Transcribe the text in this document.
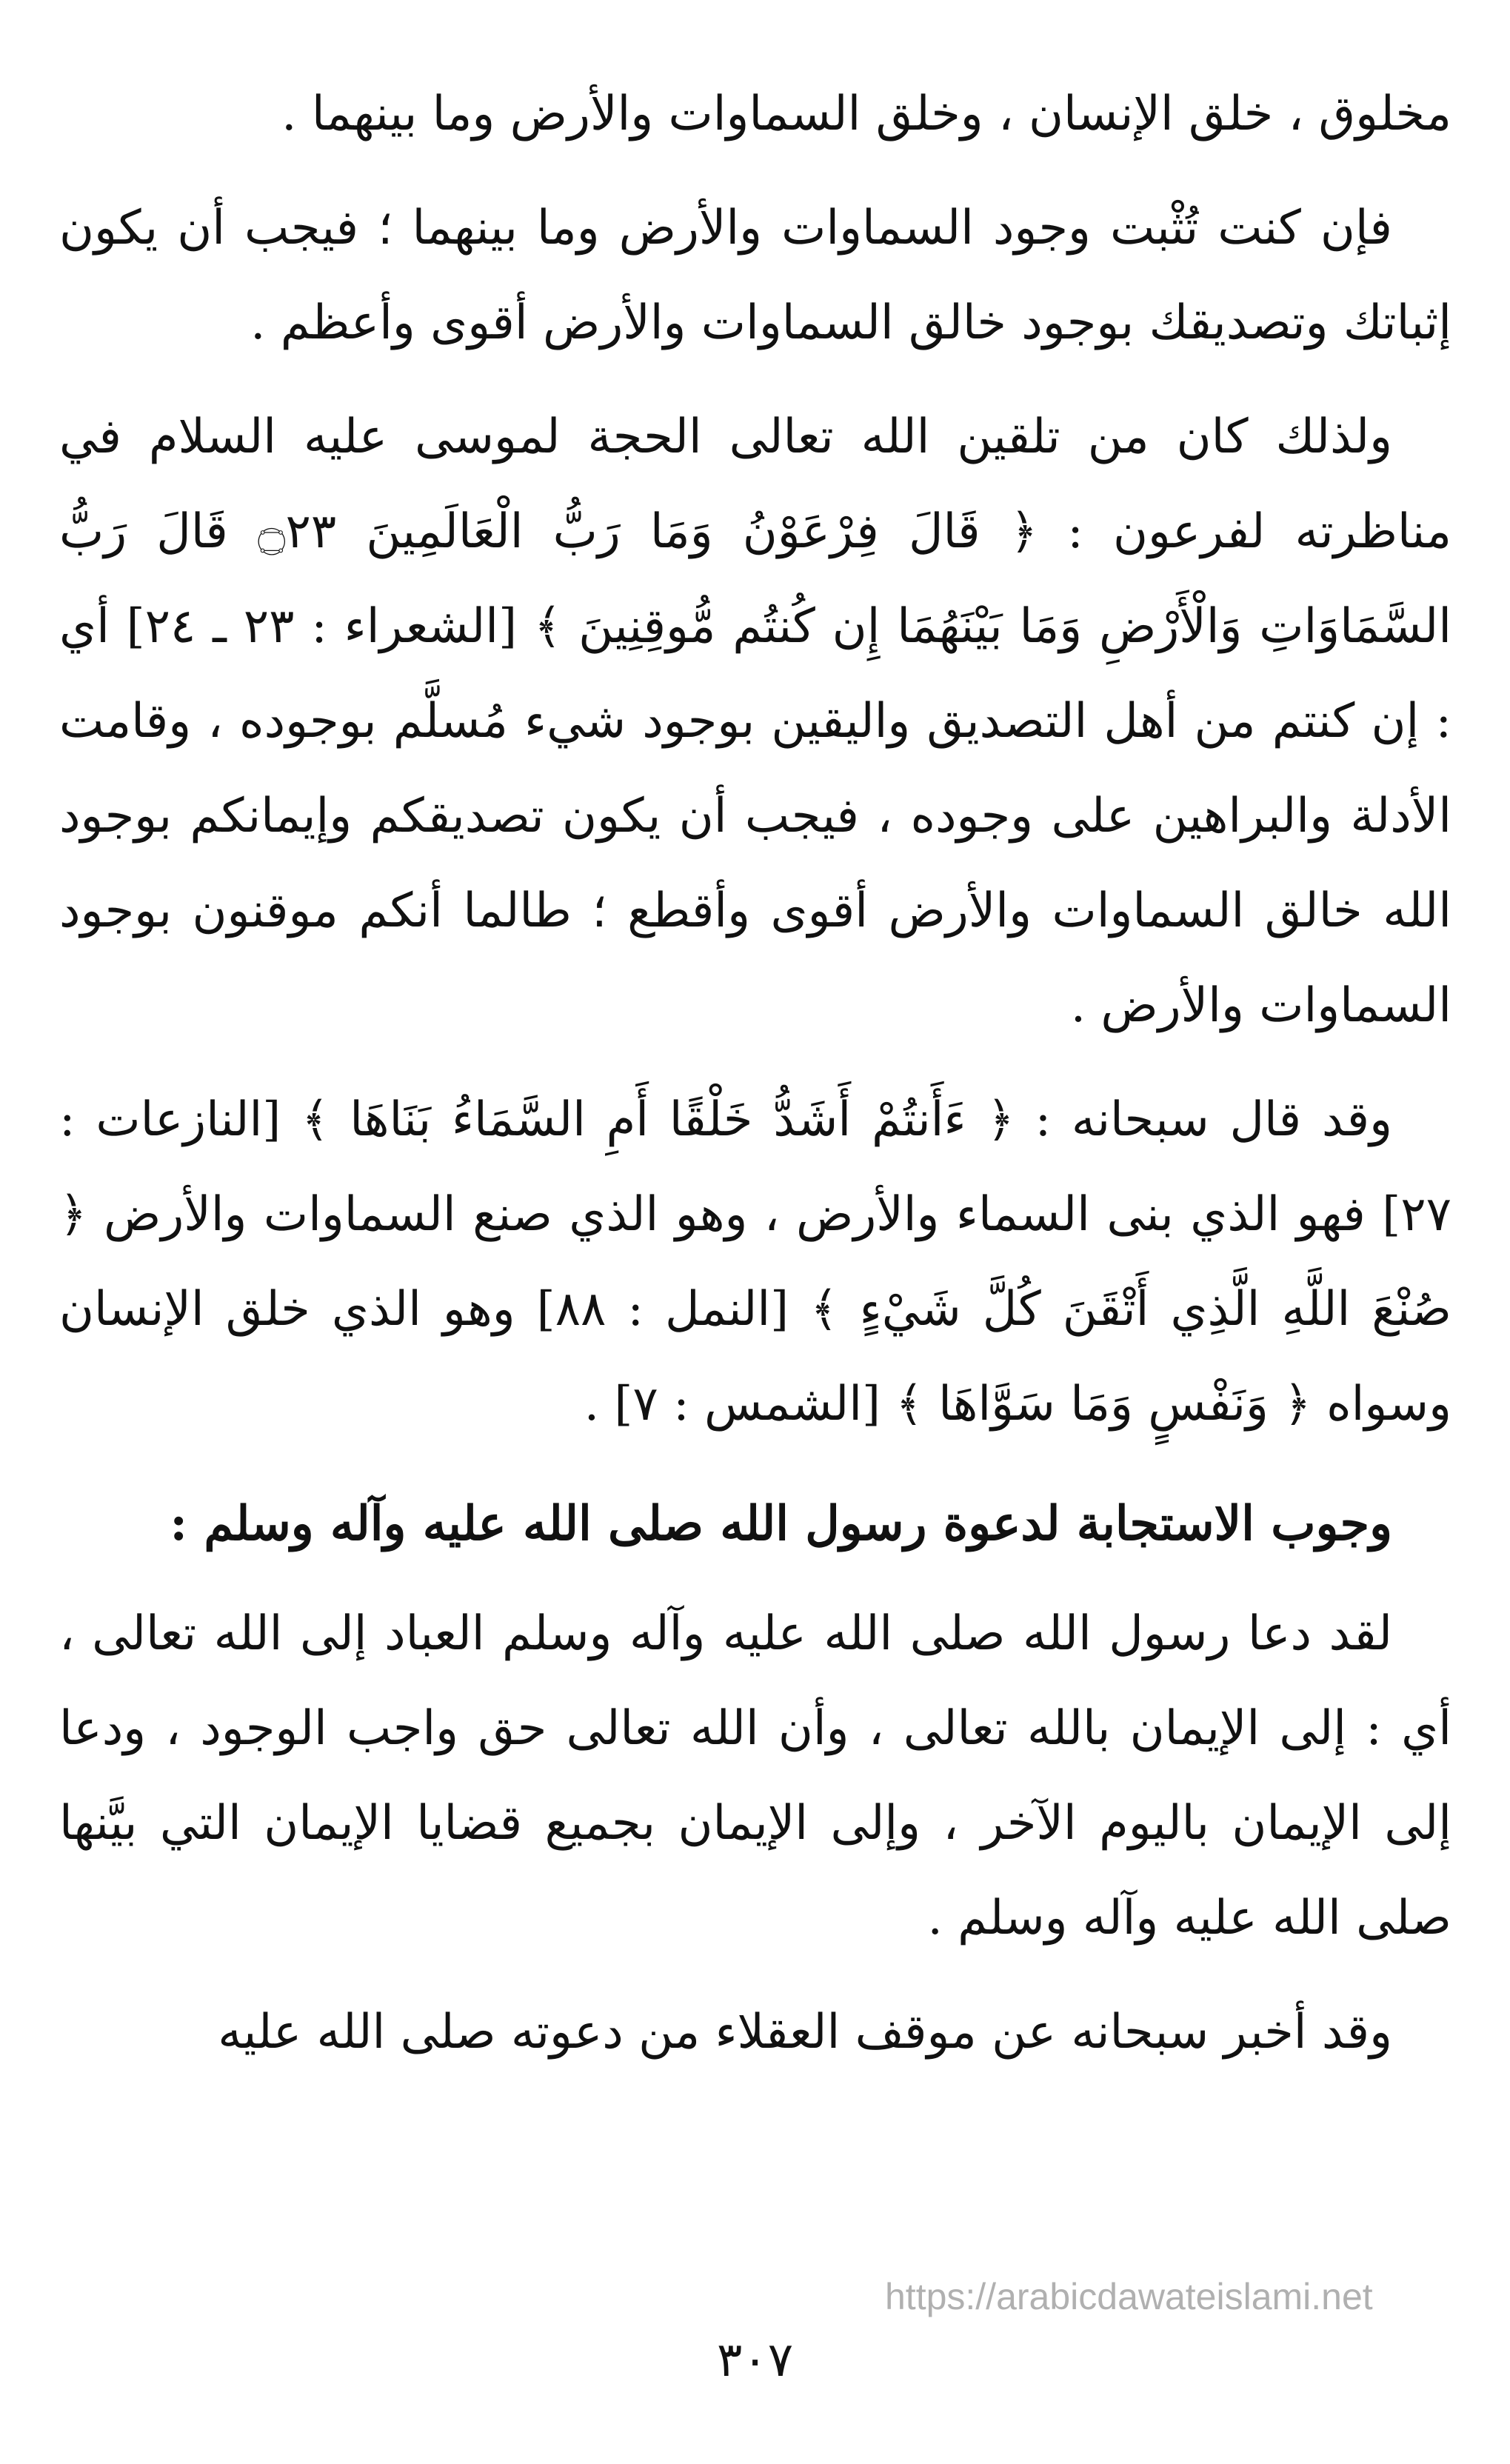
مخلوق ، خلق الإنسان ، وخلق السماوات والأرض وما بينهما .

فإن كنت تُثْبت وجود السماوات والأرض وما بينهما ؛ فيجب أن يكون إثباتك وتصديقك بوجود خالق السماوات والأرض أقوى وأعظم .

ولذلك كان من تلقين الله تعالى الحجة لموسى عليه السلام في مناظرته لفرعون : ﴿ قَالَ فِرْعَوْنُ وَمَا رَبُّ الْعَالَمِينَ ۝٢٣ قَالَ رَبُّ السَّمَاوَاتِ وَالْأَرْضِ وَمَا بَيْنَهُمَا إِن كُنتُم مُّوقِنِينَ ﴾ [الشعراء : ٢٣ ـ ٢٤] أي : إن كنتم من أهل التصديق واليقين بوجود شيء مُسلَّم بوجوده ، وقامت الأدلة والبراهين على وجوده ، فيجب أن يكون تصديقكم وإيمانكم بوجود الله خالق السماوات والأرض أقوى وأقطع ؛ طالما أنكم موقنون بوجود السماوات والأرض .

وقد قال سبحانه : ﴿ ءَأَنتُمْ أَشَدُّ خَلْقًا أَمِ السَّمَاءُ بَنَاهَا ﴾ [النازعات : ٢٧] فهو الذي بنى السماء والأرض ، وهو الذي صنع السماوات والأرض ﴿ صُنْعَ اللَّهِ الَّذِي أَتْقَنَ كُلَّ شَيْءٍ ﴾ [النمل : ٨٨] وهو الذي خلق الإنسان وسواه ﴿ وَنَفْسٍ وَمَا سَوَّاهَا ﴾ [الشمس : ٧] .

وجوب الاستجابة لدعوة رسول الله صلى الله عليه وآله وسلم :

لقد دعا رسول الله صلى الله عليه وآله وسلم العباد إلى الله تعالى ، أي : إلى الإيمان بالله تعالى ، وأن الله تعالى حق واجب الوجود ، ودعا إلى الإيمان باليوم الآخر ، وإلى الإيمان بجميع قضايا الإيمان التي بيَّنها صلى الله عليه وآله وسلم .

وقد أخبر سبحانه عن موقف العقلاء من دعوته صلى الله عليه

https://arabicdawateislami.net
٣٠٧
